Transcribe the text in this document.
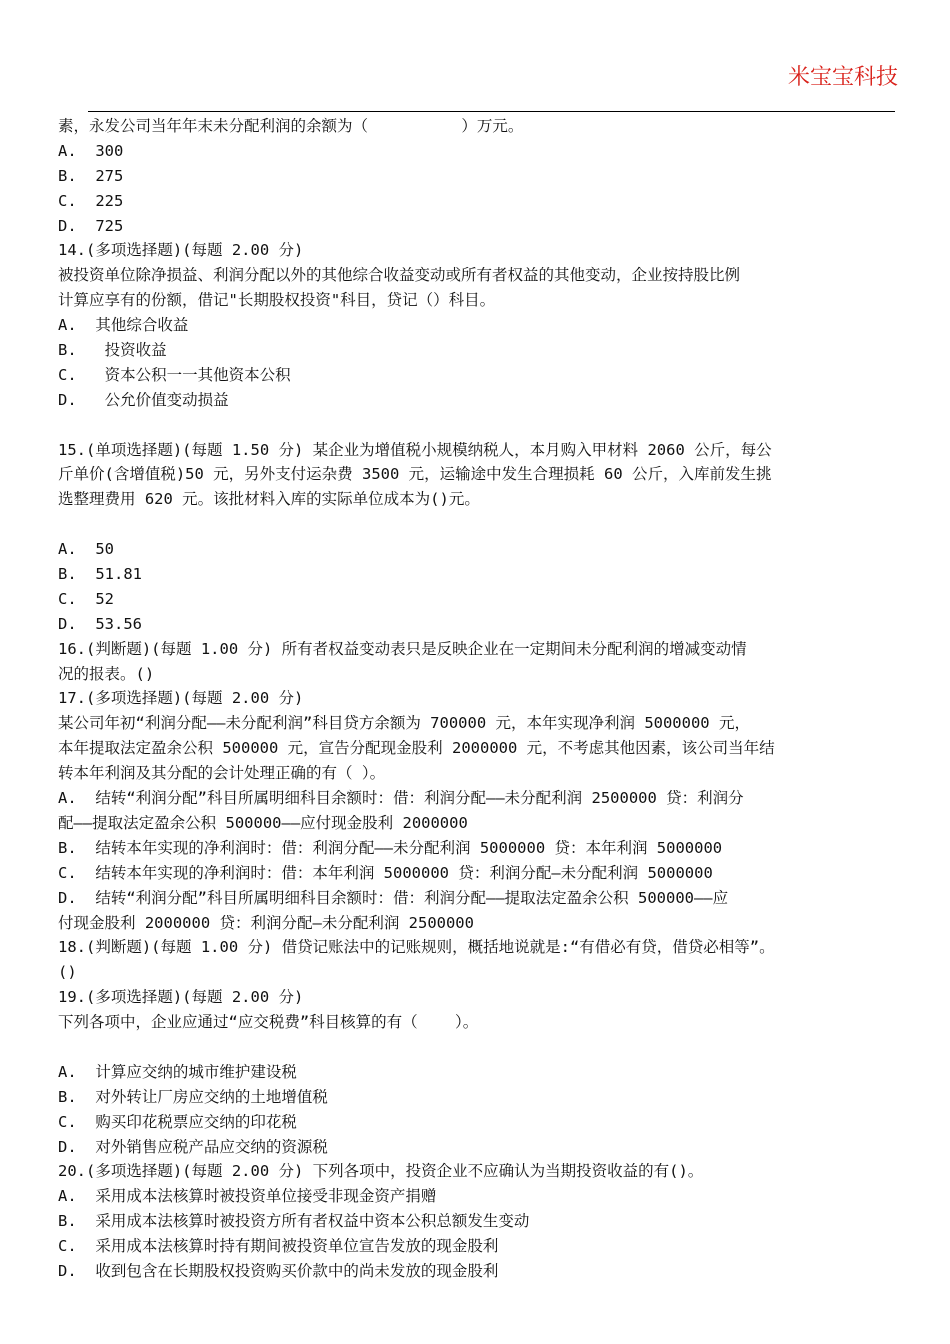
米宝宝科技
素，永发公司当年年末未分配利润的余额为（          ）万元。
A.  300
B.  275
C.  225
D.  725
14.(多项选择题)(每题 2.00 分)
被投资单位除净损益、利润分配以外的其他综合收益变动或所有者权益的其他变动，企业按持股比例
计算应享有的份额，借记"长期股权投资"科目，贷记（）科目。
A.  其他综合收益
B.   投资收益
C.   资本公积一一其他资本公积
D.   公允价值变动损益
15.(单项选择题)(每题 1.50 分) 某企业为增值税小规模纳税人，本月购入甲材料 2060 公斤，每公
斤单价(含增值税)50 元，另外支付运杂费 3500 元，运输途中发生合理损耗 60 公斤，入库前发生挑
选整理费用 620 元。该批材料入库的实际单位成本为()元。
A.  50
B.  51.81
C.  52
D.  53.56
16.(判断题)(每题 1.00 分) 所有者权益变动表只是反映企业在一定期间未分配利润的增减变动情
况的报表。()
17.(多项选择题)(每题 2.00 分)
某公司年初“利润分配——未分配利润”科目贷方余额为 700000 元，本年实现净利润 5000000 元，
本年提取法定盈余公积 500000 元，宣告分配现金股利 2000000 元，不考虑其他因素，该公司当年结
转本年利润及其分配的会计处理正确的有（ ）。
A.  结转“利润分配”科目所属明细科目余额时：借：利润分配——未分配利润 2500000 贷：利润分
配——提取法定盈余公积 500000——应付现金股利 2000000
B.  结转本年实现的净利润时：借：利润分配——未分配利润 5000000 贷：本年利润 5000000
C.  结转本年实现的净利润时：借：本年利润 5000000 贷：利润分配—未分配利润 5000000
D.  结转“利润分配”科目所属明细科目余额时：借：利润分配——提取法定盈余公积 500000——应
付现金股利 2000000 贷：利润分配—未分配利润 2500000
18.(判断题)(每题 1.00 分) 借贷记账法中的记账规则，概括地说就是:“有借必有贷，借贷必相等”。
()
19.(多项选择题)(每题 2.00 分)
下列各项中，企业应通过“应交税费”科目核算的有（    ）。
A.  计算应交纳的城市维护建设税
B.  对外转让厂房应交纳的土地增值税
C.  购买印花税票应交纳的印花税
D.  对外销售应税产品应交纳的资源税
20.(多项选择题)(每题 2.00 分) 下列各项中，投资企业不应确认为当期投资收益的有()。
A.  采用成本法核算时被投资单位接受非现金资产捐赠
B.  采用成本法核算时被投资方所有者权益中资本公积总额发生变动
C.  采用成本法核算时持有期间被投资单位宣告发放的现金股利
D.  收到包含在长期股权投资购买价款中的尚未发放的现金股利
